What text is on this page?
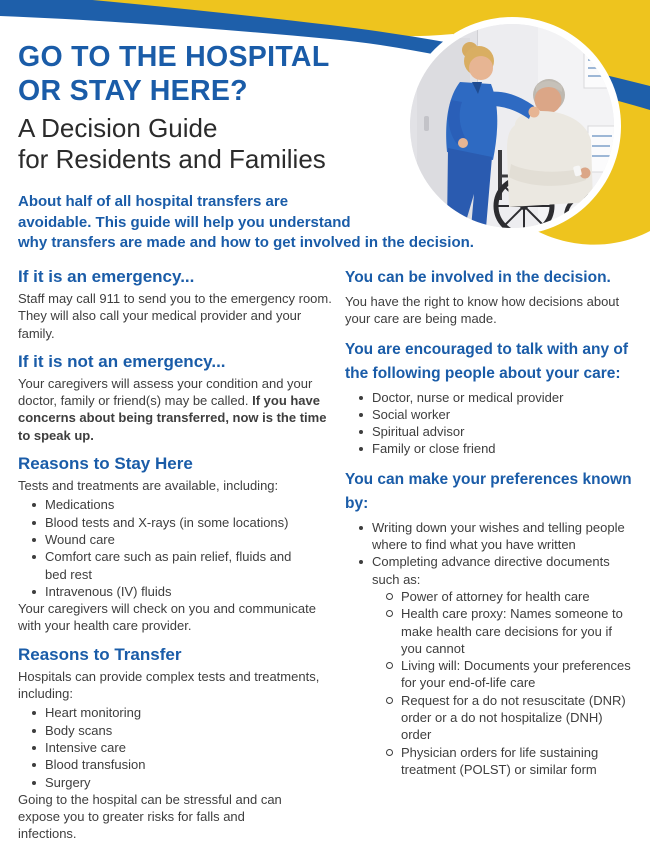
GO TO THE HOSPITAL
OR STAY HERE?
A Decision Guide
for Residents and Families
About half of all hospital transfers are
avoidable. This guide will help you understand
why transfers are made and how to get involved in the decision.
If it is an emergency...

Staff may call 911 to send you to the emergency room. They will also call your medical provider and your family.

If it is not an emergency...

Your caregivers will assess your condition and your doctor, family or friend(s) may be called. If you have concerns about being transferred, now is the time to speak up.

Reasons to Stay Here

Tests and treatments are available, including:

Medications
Blood tests and X-rays (in some locations)
Wound care
Comfort care such as pain relief, fluids and bed rest
Intravenous (IV) fluids

Your caregivers will check on you and communicate with your health care provider.

Reasons to Transfer

Hospitals can provide complex tests and treatments, including:

Heart monitoring
Body scans
Intensive care
Blood transfusion
Surgery

Going to the hospital can be stressful and can expose you to greater risks for falls and infections.

You can be involved in the decision.

You have the right to know how decisions about your care are being made.

You are encouraged to talk with any of the following people about your care:
Doctor, nurse or medical provider
Social worker
Spiritual advisor
Family or close friend
You can make your preferences known by:
Writing down your wishes and telling people where to find what you have written
Completing advance directive documents such as:
Power of attorney for health care
Health care proxy: Names someone to make health care decisions for you if you cannot
Living will: Documents your preferences for your end-of-life care
Request for a do not resuscitate (DNR) order or a do not hospitalize (DNH) order
Physician orders for life sustaining treatment (POLST) or similar form
